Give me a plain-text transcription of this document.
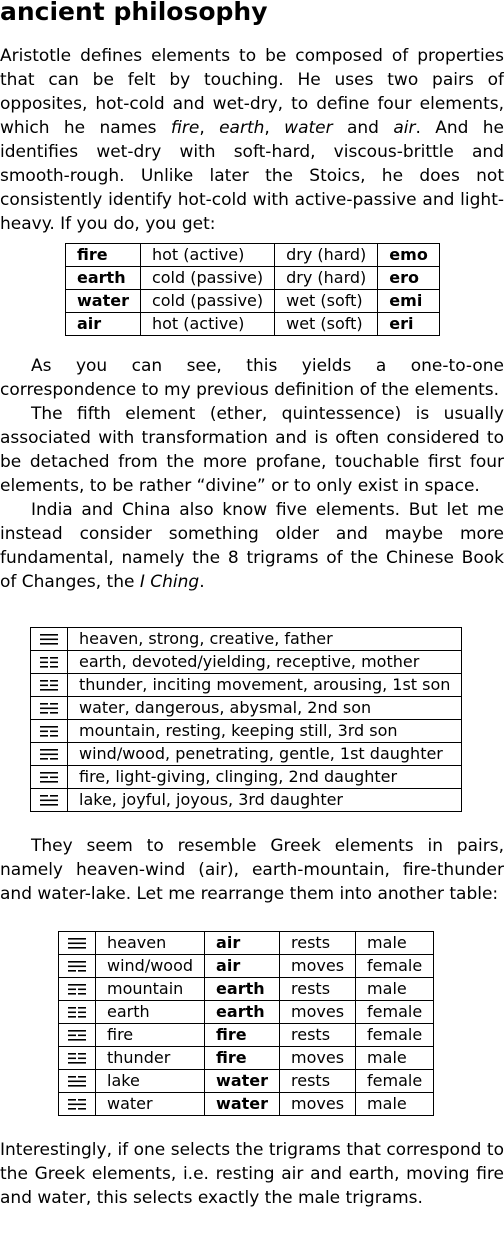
ancient philosophy

Aristotle defines elements to be composed of properties that can be felt by touching. He uses two pairs of opposites, hot-cold and wet-dry, to define four elements, which he names fire, earth, water and air. And he identifies wet-dry with soft-hard, viscous-brittle and smooth-rough. Unlike later the Stoics, he does not consistently identify hot-cold with active-passive and light-heavy. If you do, you get:

fire	hot (active)	dry (hard)	emo
earth	cold (passive)	dry (hard)	ero
water	cold (passive)	wet (soft)	emi
air	hot (active)	wet (soft)	eri

As you can see, this yields a one-to-one correspondence to my previous definition of the elements.

The fifth element (ether, quintessence) is usually associated with transformation and is often considered to be detached from the more profane, touchable first four elements, to be rather “divine” or to only exist in space.

India and China also know five elements. But let me instead consider something older and maybe more fundamental, namely the 8 trigrams of the Chinese Book of Changes, the I Ching.

	heaven, strong, creative, father

	earth, devoted/yielding, receptive, mother

	thunder, inciting movement, arousing, 1st son

	water, dangerous, abysmal, 2nd son

	mountain, resting, keeping still, 3rd son

	wind/wood, penetrating, gentle, 1st daughter

	fire, light-giving, clinging, 2nd daughter

	lake, joyful, joyous, 3rd daughter

They seem to resemble Greek elements in pairs, namely heaven-wind (air), earth-mountain, fire-thunder and water-lake. Let me rearrange them into another table:

	heaven	air	rests	male

	wind/wood	air	moves	female

	mountain	earth	rests	male

	earth	earth	moves	female

	fire	fire	rests	female

	thunder	fire	moves	male

	lake	water	rests	female

	water	water	moves	male

Interestingly, if one selects the trigrams that correspond to the Greek elements, i.e. resting air and earth, moving fire and water, this selects exactly the male trigrams.
